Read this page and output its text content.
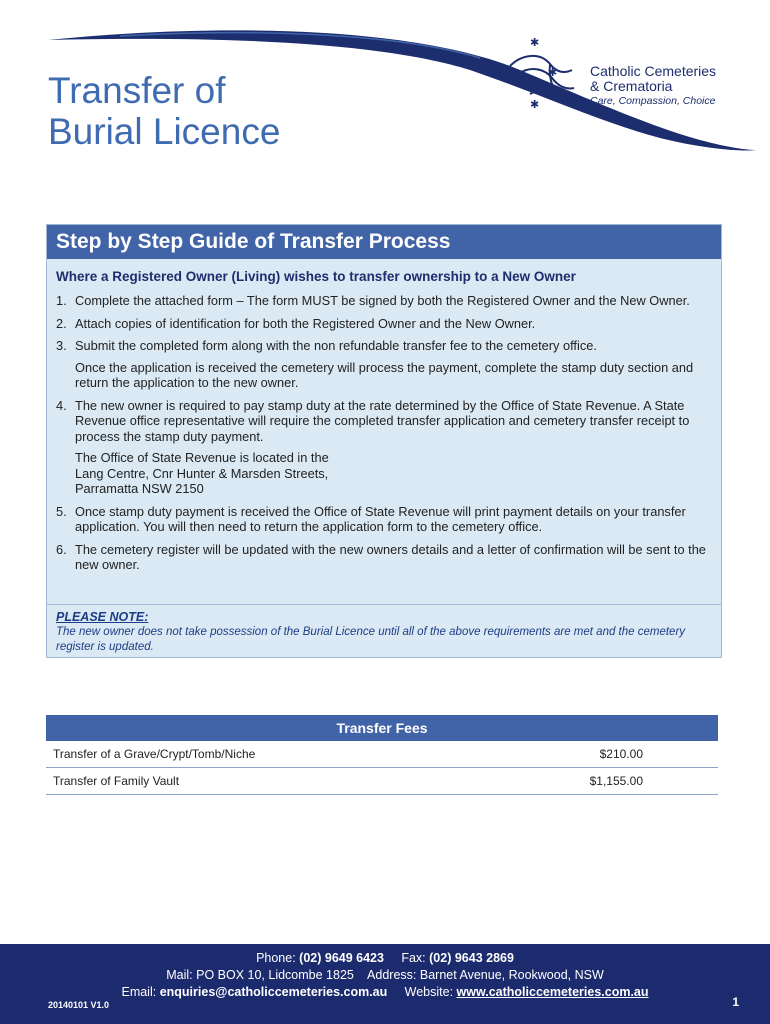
Transfer of
Burial Licence
✱
✱
✱
✱ Catholic Cemeteries
& Crematoria
Care, Compassion, Choice
Step by Step Guide of Transfer Process
Where a Registered Owner (Living) wishes to transfer ownership to a New Owner
1. Complete the attached form – The form MUST be signed by both the Registered Owner and the New Owner.

2. Attach copies of identification for both the Registered Owner and the New Owner.

3. Submit the completed form along with the non refundable transfer fee to the cemetery office.

Once the application is received the cemetery will process the payment, complete the stamp duty section and return the application to the new owner.

4. The new owner is required to pay stamp duty at the rate determined by the Office of State Revenue. A State Revenue office representative will require the completed transfer application and cemetery transfer receipt to process the stamp duty payment.

The Office of State Revenue is located in the
Lang Centre, Cnr Hunter & Marsden Streets,
Parramatta NSW 2150

5. Once stamp duty payment is received the Office of State Revenue will print payment details on your transfer application. You will then need to return the application form to the cemetery office.

6. The cemetery register will be updated with the new owners details and a letter of confirmation will be sent to the new owner.

PLEASE NOTE:
The new owner does not take possession of the Burial Licence until all of the above requirements are met and the cemetery register is updated.
Transfer Fees
Transfer of a Grave/Crypt/Tomb/Niche	$210.00
Transfer of Family Vault	$1,155.00
Phone: (02) 9649 6423 Fax: (02) 9643 2869
Mail: PO BOX 10, Lidcombe 1825 Address: Barnet Avenue, Rookwood, NSW
Email: enquiries@catholiccemeteries.com.au Website: www.catholiccemeteries.com.au
20140101 V1.0	1
